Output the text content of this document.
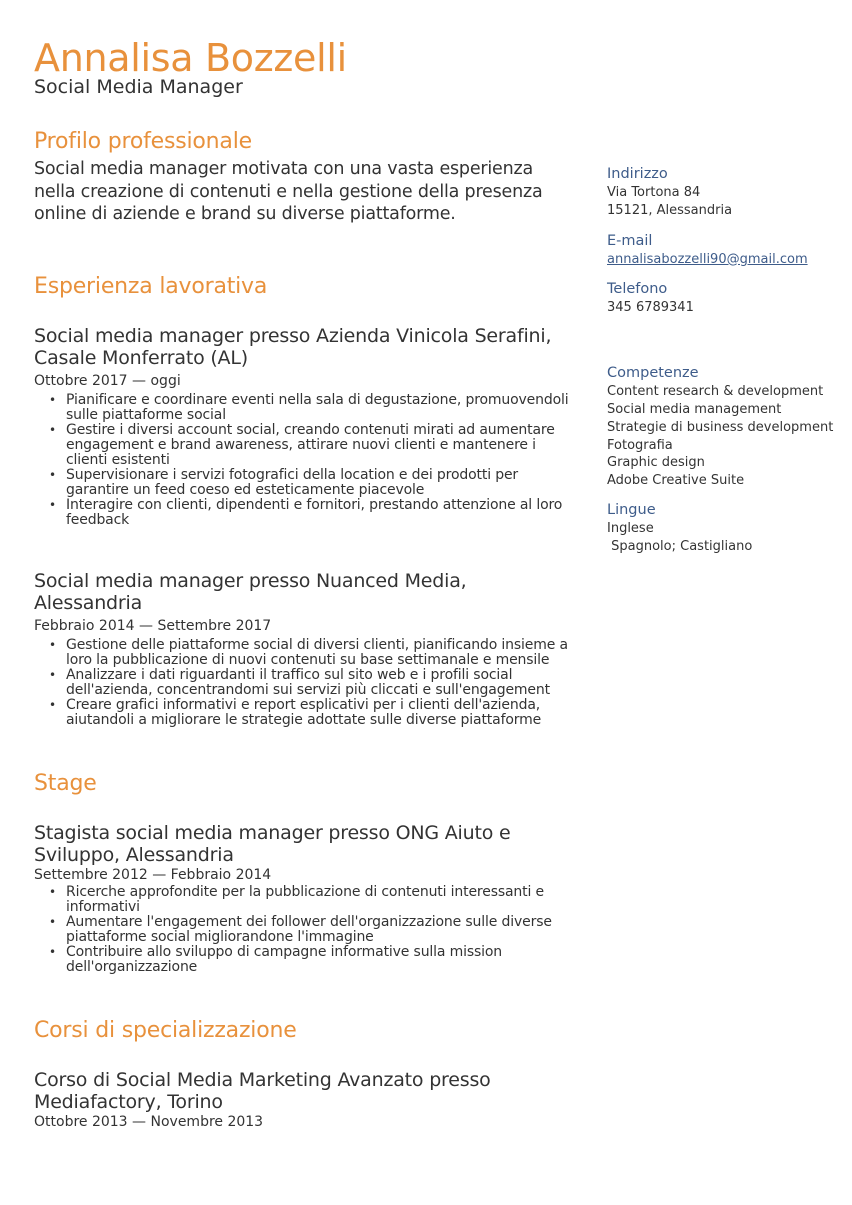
Annalisa Bozzelli
Social Media Manager
Profilo professionale

Social media manager motivata con una vasta esperienza nella creazione di contenuti e nella gestione della presenza online di aziende e brand su diverse piattaforme.

Esperienza lavorativa
Social media manager presso Azienda Vinicola Serafini, Casale Monferrato (AL)
Ottobre 2017 — oggi
• Pianificare e coordinare eventi nella sala di degustazione, promuovendoli sulle piattaforme social
• Gestire i diversi account social, creando contenuti mirati ad aumentare engagement e brand awareness, attirare nuovi clienti e mantenere i clienti esistenti
• Supervisionare i servizi fotografici della location e dei prodotti per garantire un feed coeso ed esteticamente piacevole
• Interagire con clienti, dipendenti e fornitori, prestando attenzione al loro feedback
Social media manager presso Nuanced Media, Alessandria
Febbraio 2014 — Settembre 2017
• Gestione delle piattaforme social di diversi clienti, pianificando insieme a loro la pubblicazione di nuovi contenuti su base settimanale e mensile
• Analizzare i dati riguardanti il traffico sul sito web e i profili social dell'azienda, concentrandomi sui servizi più cliccati e sull'engagement
• Creare grafici informativi e report esplicativi per i clienti dell'azienda, aiutandoli a migliorare le strategie adottate sulle diverse piattaforme
Stage
Stagista social media manager presso ONG Aiuto e Sviluppo, Alessandria
Settembre 2012 — Febbraio 2014
• Ricerche approfondite per la pubblicazione di contenuti interessanti e informativi
• Aumentare l'engagement dei follower dell'organizzazione sulle diverse piattaforme social migliorandone l'immagine
• Contribuire allo sviluppo di campagne informative sulla mission dell'organizzazione
Corsi di specializzazione
Corso di Social Media Marketing Avanzato presso Mediafactory, Torino
Ottobre 2013 — Novembre 2013
Indirizzo

Via Tortona 84

15121, Alessandria

E-mail

annalisabozzelli90@gmail.com

Telefono

345 6789341

Competenze
Content research & development
Social media management
Strategie di business development
Fotografia
Graphic design
Adobe Creative Suite
Lingue
Inglese
Spagnolo; Castigliano
